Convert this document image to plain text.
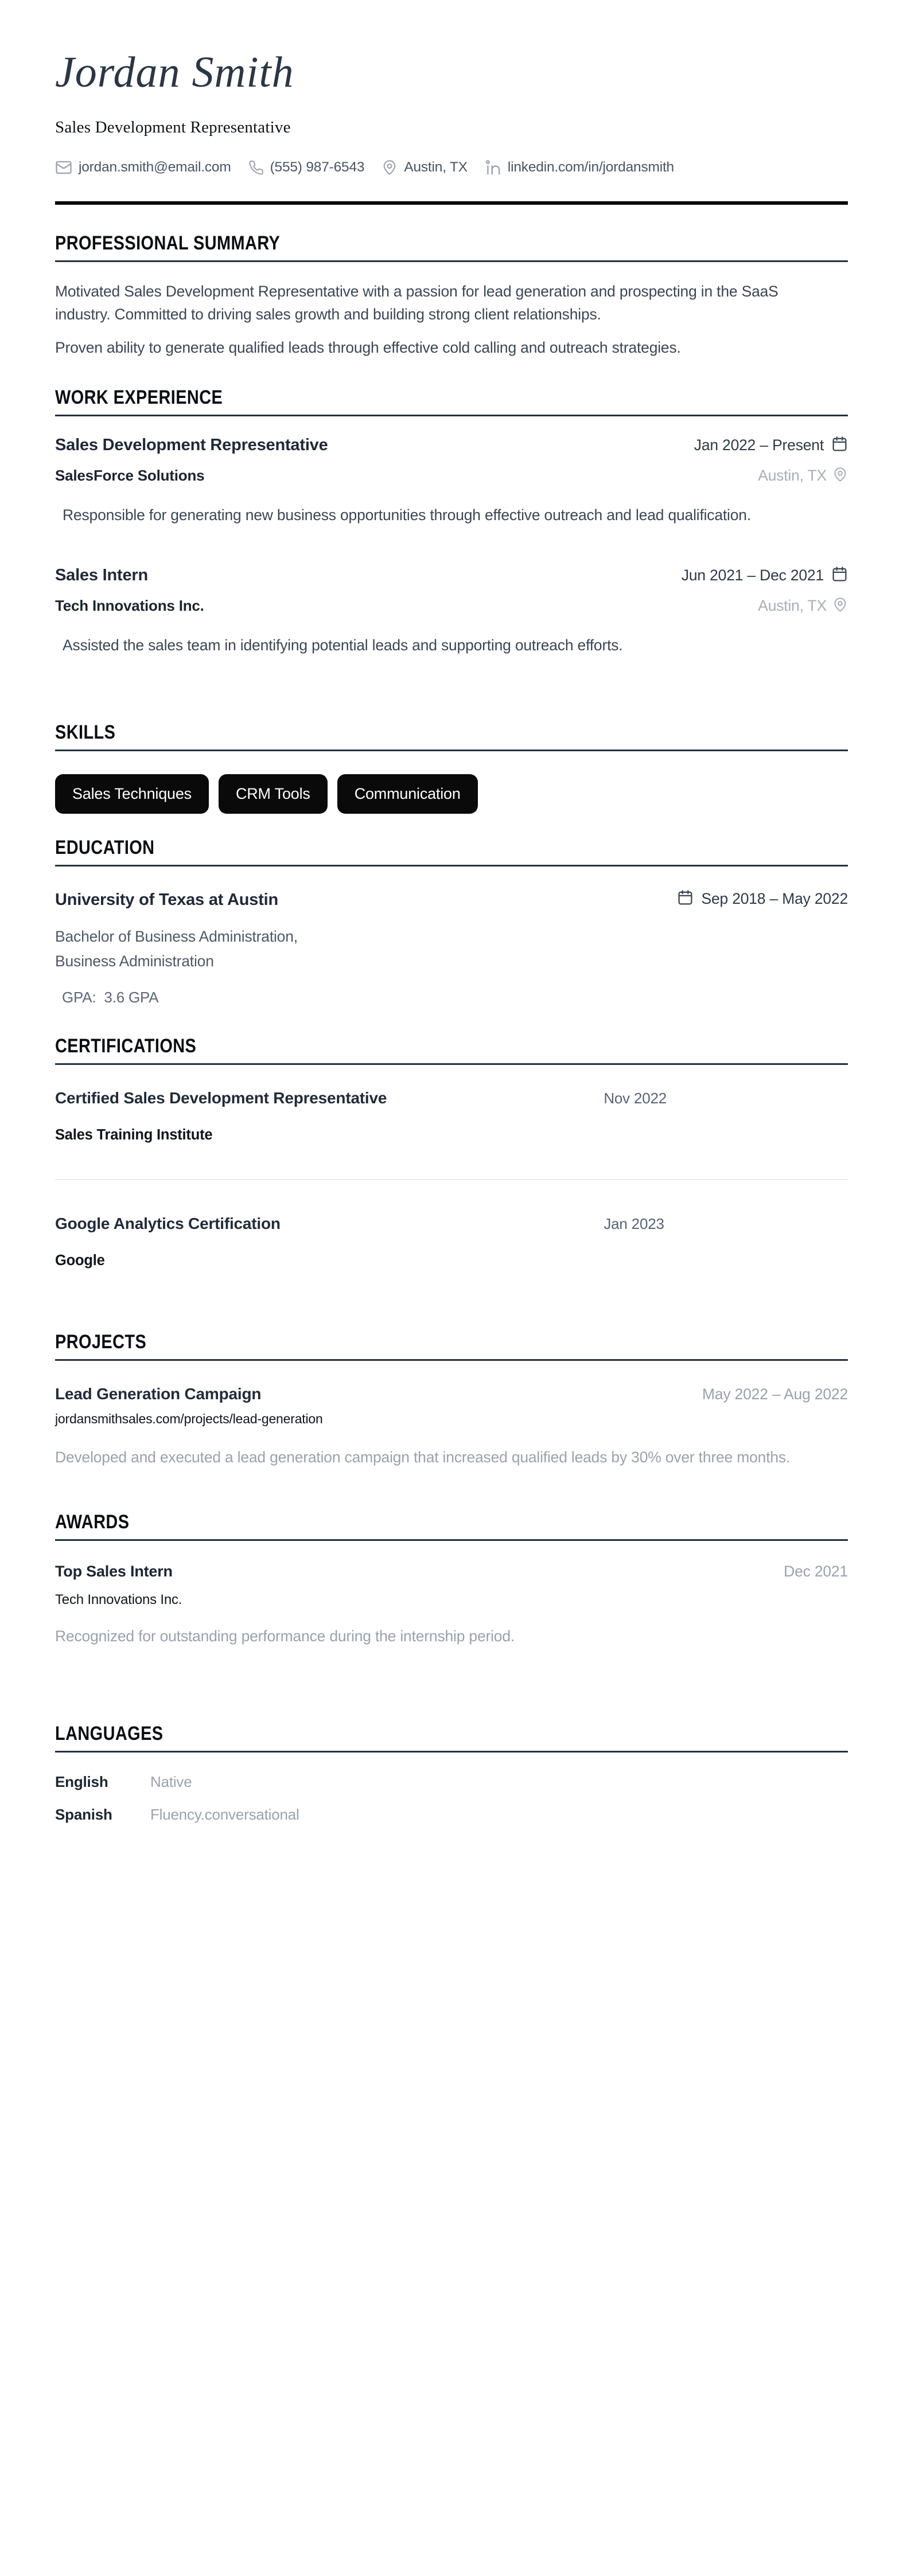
Jordan Smith
Sales Development Representative
jordan.smith@email.com	(555) 987-6543	Austin, TX	linkedin.com/in/jordansmith
PROFESSIONAL SUMMARY

Motivated Sales Development Representative with a passion for lead generation and prospecting in the SaaS industry. Committed to driving sales growth and building strong client relationships.

Proven ability to generate qualified leads through effective cold calling and outreach strategies.

WORK EXPERIENCE
Sales Development Representative	Jan 2022 – Present
SalesForce Solutions	Austin, TX

Responsible for generating new business opportunities through effective outreach and lead qualification.

Sales Intern	Jun 2021 – Dec 2021
Tech Innovations Inc.	Austin, TX

Assisted the sales team in identifying potential leads and supporting outreach efforts.

SKILLS
Sales Techniques	CRM Tools	Communication
EDUCATION
University of Texas at Austin	Sep 2018 – May 2022
Bachelor of Business Administration,
Business Administration
GPA: 3.6 GPA
CERTIFICATIONS
Certified Sales Development Representative	Nov 2022
Sales Training Institute
Google Analytics Certification	Jan 2023
Google
PROJECTS
Lead Generation Campaign	May 2022 – Aug 2022
jordansmithsales.com/projects/lead-generation

Developed and executed a lead generation campaign that increased qualified leads by 30% over three months.

AWARDS
Top Sales Intern	Dec 2021
Tech Innovations Inc.

Recognized for outstanding performance during the internship period.

LANGUAGES
English	Native
Spanish	Fluency.conversational
